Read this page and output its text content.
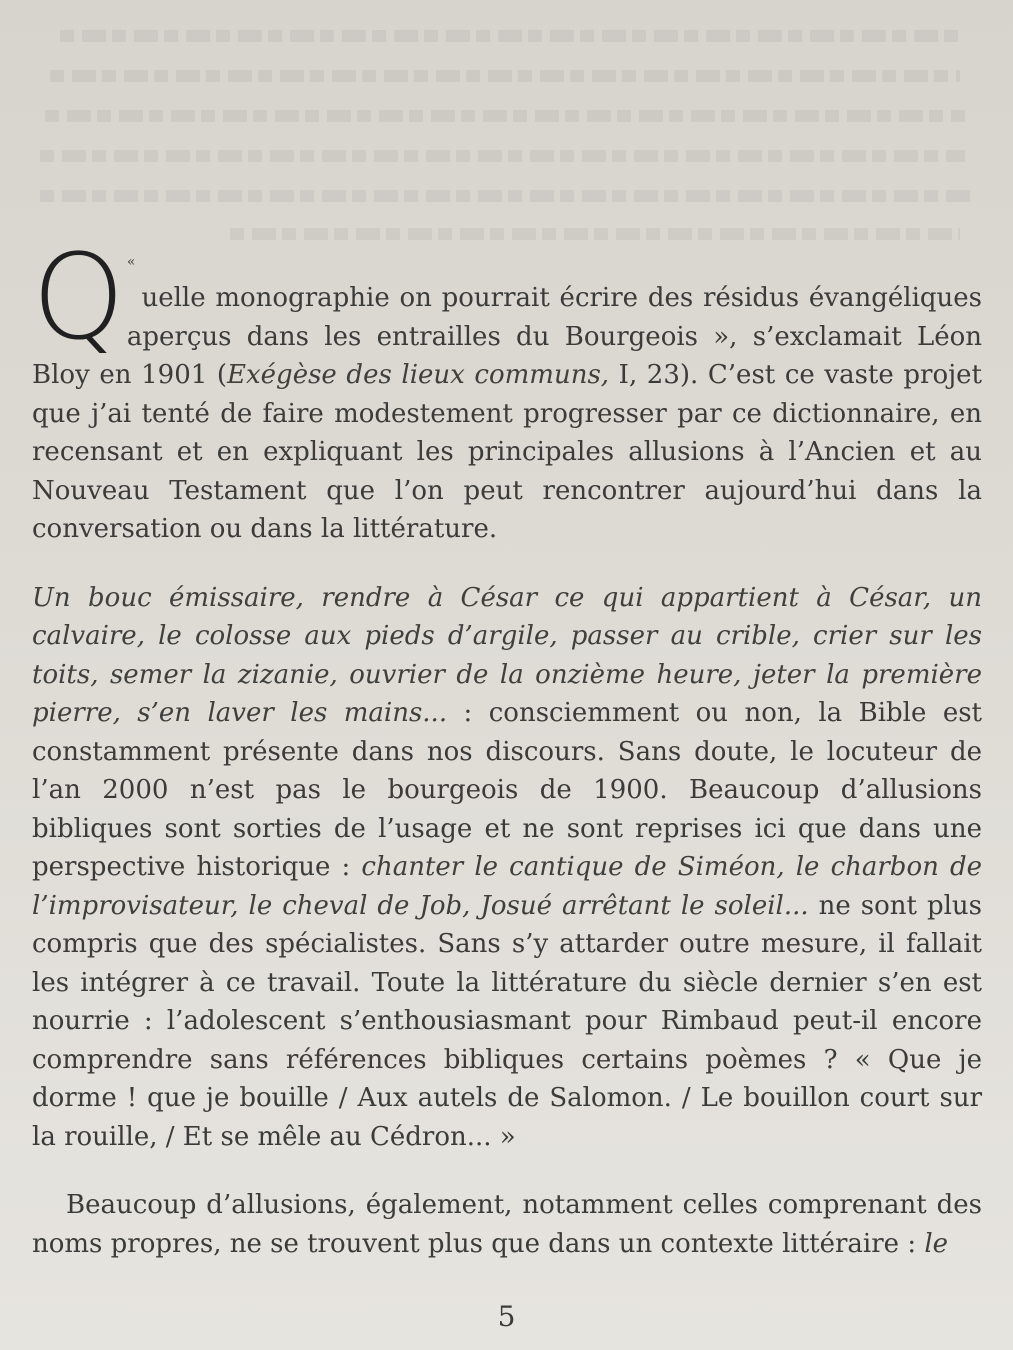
«
Q uelle monographie on pourrait écrire des résidus évangéliques aperçus dans les entrailles du Bourgeois », s’exclamait Léon Bloy en 1901 (Exégèse des lieux communs, I, 23). C’est ce vaste projet que j’ai tenté de faire modestement progresser par ce dictionnaire, en recensant et en expliquant les principales allusions à l’Ancien et au Nouveau Testament que l’on peut rencontrer aujourd’hui dans la conversation ou dans la littérature.

Un bouc émissaire, rendre à César ce qui appartient à César, un calvaire, le colosse aux pieds d’argile, passer au crible, crier sur les toits, semer la zizanie, ouvrier de la onzième heure, jeter la première pierre, s’en laver les mains... : consciemment ou non, la Bible est constamment présente dans nos discours. Sans doute, le locuteur de l’an 2000 n’est pas le bourgeois de 1900. Beaucoup d’allusions bibliques sont sorties de l’usage et ne sont reprises ici que dans une perspective historique : chanter le cantique de Siméon, le charbon de l’improvisateur, le cheval de Job, Josué arrêtant le soleil... ne sont plus compris que des spécialistes. Sans s’y attarder outre mesure, il fallait les intégrer à ce travail. Toute la littérature du siècle dernier s’en est nourrie : l’adolescent s’enthousiasmant pour Rimbaud peut-il encore comprendre sans références bibliques certains poèmes ? « Que je dorme ! que je bouille / Aux autels de Salomon. / Le bouillon court sur la rouille, / Et se mêle au Cédron... »

Beaucoup d’allusions, également, notamment celles comprenant des noms propres, ne se trouvent plus que dans un contexte littéraire : le

5
